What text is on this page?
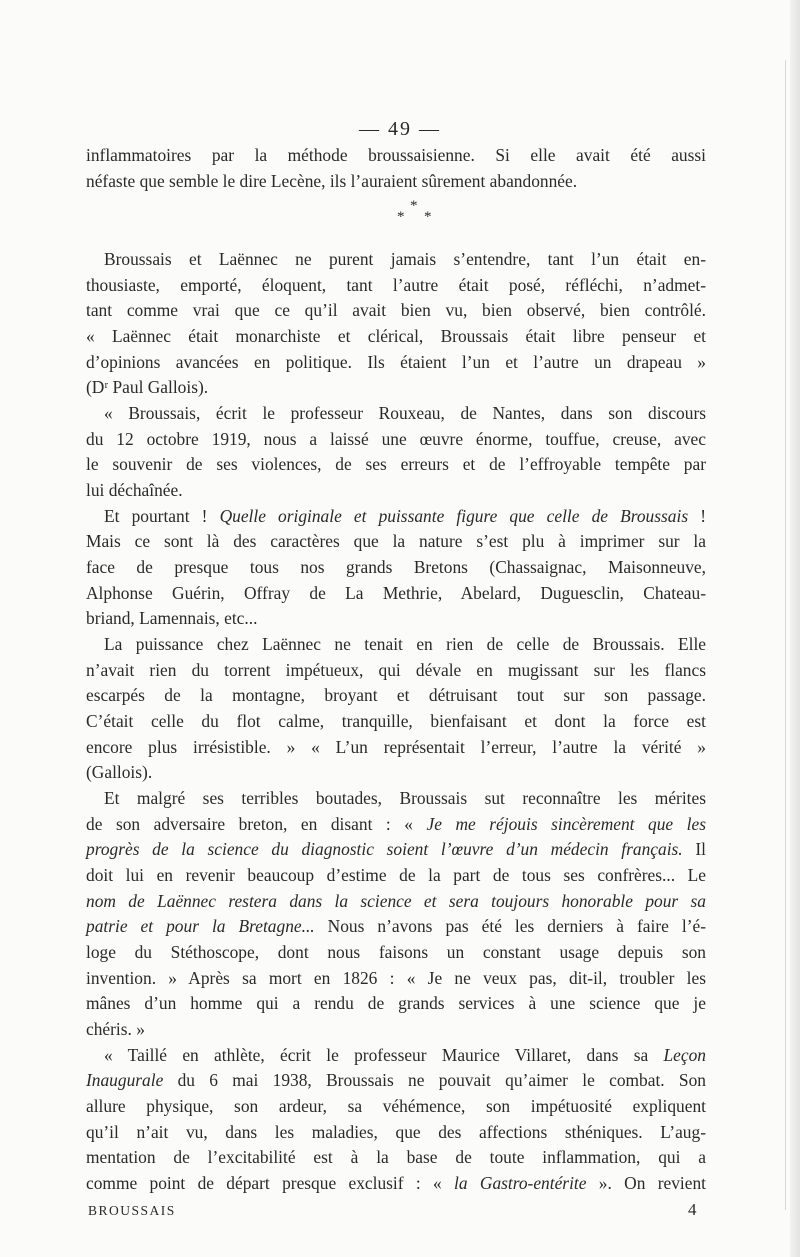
— 49 —
inflammatoires par la méthode broussaisienne. Si elle avait été aussi
néfaste que semble le dire Lecène, ils l’auraient sûrement abandonnée.
Broussais et Laënnec ne purent jamais s’entendre, tant l’un était en-
thousiaste, emporté, éloquent, tant l’autre était posé, réfléchi, n’admet-
tant comme vrai que ce qu’il avait bien vu, bien observé, bien contrôlé.
« Laënnec était monarchiste et clérical, Broussais était libre penseur et
d’opinions avancées en politique. Ils étaient l’un et l’autre un drapeau »
(Dʳ Paul Gallois).
« Broussais, écrit le professeur Rouxeau, de Nantes, dans son discours
du 12 octobre 1919, nous a laissé une œuvre énorme, touffue, creuse, avec
le souvenir de ses violences, de ses erreurs et de l’effroyable tempête par
lui déchaînée.
Et pourtant ! Quelle originale et puissante figure que celle de Broussais !
Mais ce sont là des caractères que la nature s’est plu à imprimer sur la
face de presque tous nos grands Bretons (Chassaignac, Maisonneuve,
Alphonse Guérin, Offray de La Methrie, Abelard, Duguesclin, Chateau-
briand, Lamennais, etc...
La puissance chez Laënnec ne tenait en rien de celle de Broussais. Elle
n’avait rien du torrent impétueux, qui dévale en mugissant sur les flancs
escarpés de la montagne, broyant et détruisant tout sur son passage.
C’était celle du flot calme, tranquille, bienfaisant et dont la force est
encore plus irrésistible. » « L’un représentait l’erreur, l’autre la vérité »
(Gallois).
Et malgré ses terribles boutades, Broussais sut reconnaître les mérites
de son adversaire breton, en disant : « Je me réjouis sincèrement que les
progrès de la science du diagnostic soient l’œuvre d’un médecin français. Il
doit lui en revenir beaucoup d’estime de la part de tous ses confrères... Le
nom de Laënnec restera dans la science et sera toujours honorable pour sa
patrie et pour la Bretagne... Nous n’avons pas été les derniers à faire l’é-
loge du Stéthoscope, dont nous faisons un constant usage depuis son
invention. » Après sa mort en 1826 : « Je ne veux pas, dit-il, troubler les
mânes d’un homme qui a rendu de grands services à une science que je
chéris. »
« Taillé en athlète, écrit le professeur Maurice Villaret, dans sa Leçon
Inaugurale du 6 mai 1938, Broussais ne pouvait qu’aimer le combat. Son
allure physique, son ardeur, sa véhémence, son impétuosité expliquent
qu’il n’ait vu, dans les maladies, que des affections sthéniques. L’aug-
mentation de l’excitabilité est à la base de toute inflammation, qui a
comme point de départ presque exclusif : « la Gastro-entérite ». On revient
*
* *
BROUSSAIS	4
